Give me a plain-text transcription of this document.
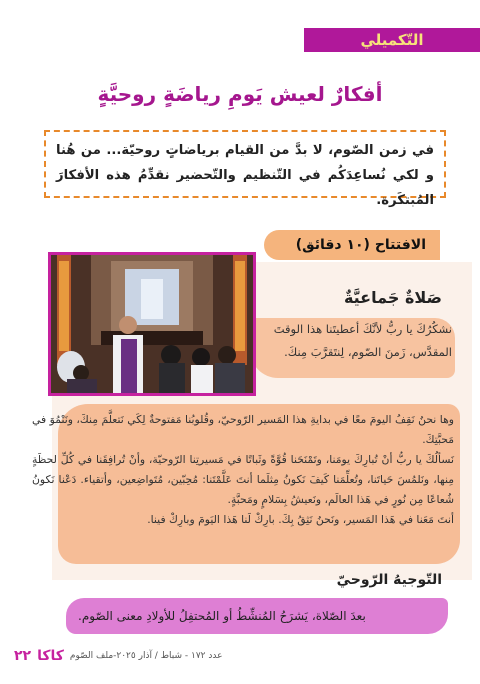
التّكميلي
أفكارٌ لعيش يَومِ رياضَةٍ روحيَّةٍ
في زمن الصّوم، لا بدَّ من القيام برياضاتٍ روحيّة... من هُنا و لكي نُساعِدَكُم في التّنظيم والتّحضير نقدِّمُ هذه الأفكارَ المُبتكَرة.
الافتتاح (١٠ دقائق)
صَلاةٌ جَماعيَّةٌ
نشكُرُكَ يا ربُّ لأنَّكَ أعطيتَنا هذا الوقتَ المقدَّس، زَمنَ الصّوم، لِنتَقرَّبَ مِنكَ.

وها نحنُ نَقِفُ اليومَ معًا في بدايةِ هذا المَسير الرّوحيّ، وقُلوبُنا مَفتوحةٌ لِكَي نَتعلَّمَ مِنكَ، ونَنْمُوَ في مَحبَّتِكَ.

نَسألُكَ يا ربُّ أنْ تُبارِكَ يومَنا، وتَمْنَحَنا قُوَّةً وثَباتًا في مَسيرتِنا الرّوحيّة، وأنْ تُرافِقَنا في كُلِّ لحظَةٍ مِنها، ونَلمُسَ حَياتَنا، وتُعلِّمَنا كَيفَ نَكونُ مِثلَما أنتَ عَلَّمْتَنا: مُحِبّين، مُتَواضِعين، وأتقياء. دَعْنا نَكونُ شُعاعًا مِن نُورٍ في هَذا العالَم، ونَعيشُ بِسَلامٍ ومَحبَّةٍ.

أنتَ مَعَنا في هَذا المَسير، ونَحنُ نَثِقُ بِكَ. بارِكْ لَنا هَذا اليَومَ وبارِكْ فينا.

التّوجيهُ الرّوحيّ
بعدَ الصّلاة، يَشرَحُ المُنشِّطُ أو المُحتفِلُ للأولادِ معنى الصّوم.
٢٢ كاكا عدد ١٧٢ - شباط / آذار ٢٠٢٥-ملف الصّوم
